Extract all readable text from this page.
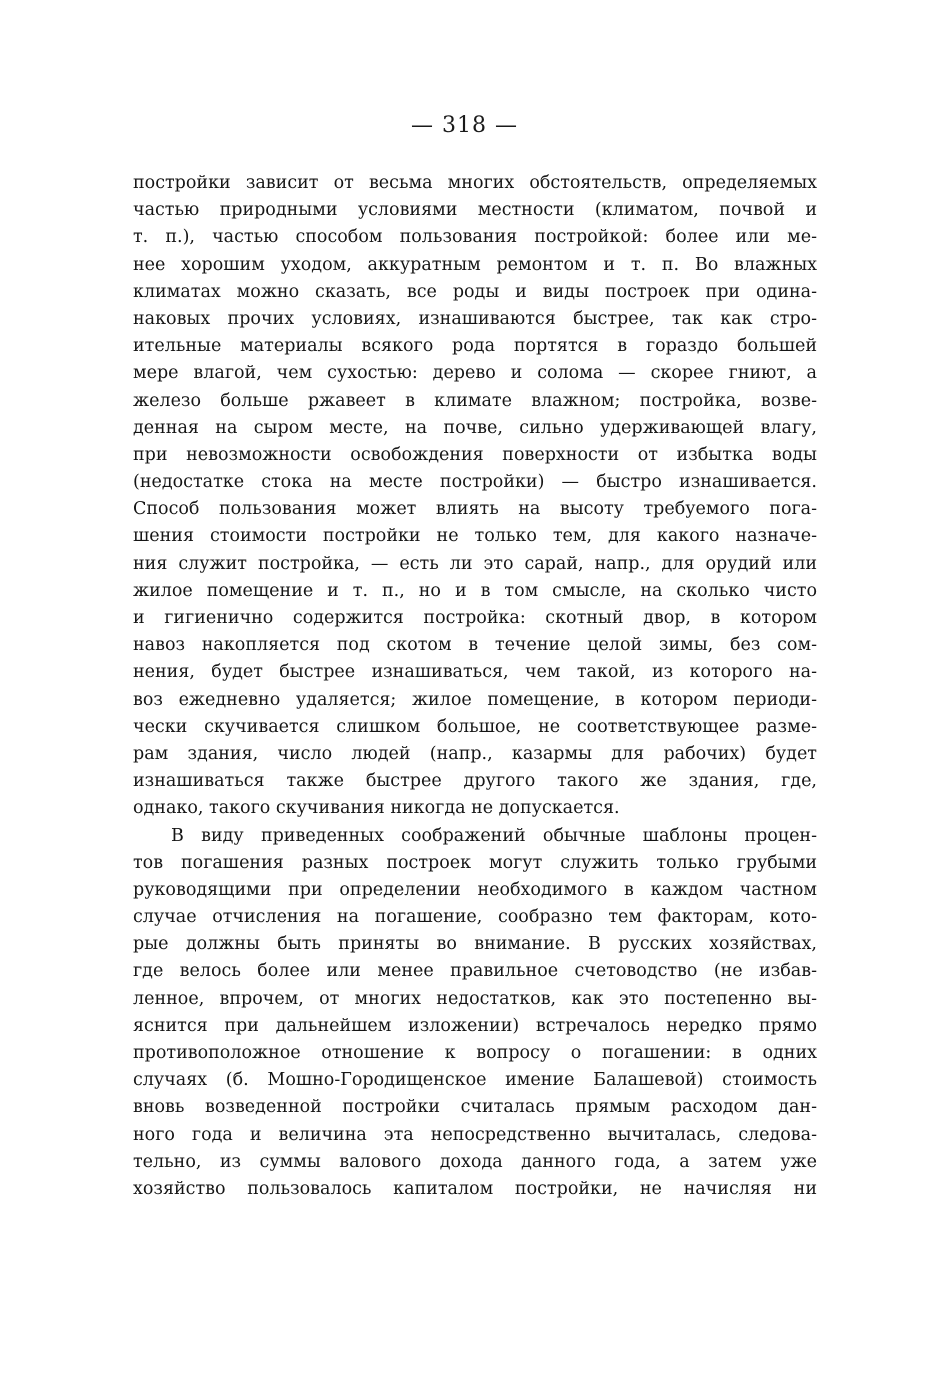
— 318 —
постройки зависит от весьма многих обстоятельств, определяемых
частью природными условиями местности (климатом, почвой и
т. п.), частью способом пользования постройкой: более или ме-
нее хорошим уходом, аккуратным ремонтом и т. п. Во влажных
климатах можно сказать, все роды и виды построек при одина-
наковых прочих условиях, изнашиваются быстрее, так как стро-
ительные материалы всякого рода портятся в гораздо большей
мере влагой, чем сухостью: дерево и солома — скорее гниют, а
железо больше ржавеет в климате влажном; постройка, возве-
денная на сыром месте, на почве, сильно удерживающей влагу,
при невозможности освобождения поверхности от избытка воды
(недостатке стока на месте постройки) — быстро изнашивается.
Способ пользования может влиять на высоту требуемого пога-
шения стоимости постройки не только тем, для какого назначе-
ния служит постройка, — есть ли это сарай, напр., для орудий или
жилое помещение и т. п., но и в том смысле, на сколько чисто
и гигиенично содержится постройка: скотный двор, в котором
навоз накопляется под скотом в течение целой зимы, без сом-
нения, будет быстрее изнашиваться, чем такой, из которого на-
воз ежедневно удаляется; жилое помещение, в котором периоди-
чески скучивается слишком большое, не соответствующее разме-
рам здания, число людей (напр., казармы для рабочих) будет
изнашиваться также быстрее другого такого же здания, где,
однако, такого скучивания никогда не допускается.
В виду приведенных соображений обычные шаблоны процен-
тов погашения разных построек могут служить только грубыми
руководящими при определении необходимого в каждом частном
случае отчисления на погашение, сообразно тем факторам, кото-
рые должны быть приняты во внимание. В русских хозяйствах,
где велось более или менее правильное счетоводство (не избав-
ленное, впрочем, от многих недостатков, как это постепенно вы-
яснится при дальнейшем изложении) встречалось нередко прямо
противоположное отношение к вопросу о погашении: в одних
случаях (б. Мошно-Городищенское имение Балашевой) стоимость
вновь возведенной постройки считалась прямым расходом дан-
ного года и величина эта непосредственно вычиталась, следова-
тельно, из суммы валового дохода данного года, а затем уже
хозяйство пользовалось капиталом постройки, не начисляя ни
